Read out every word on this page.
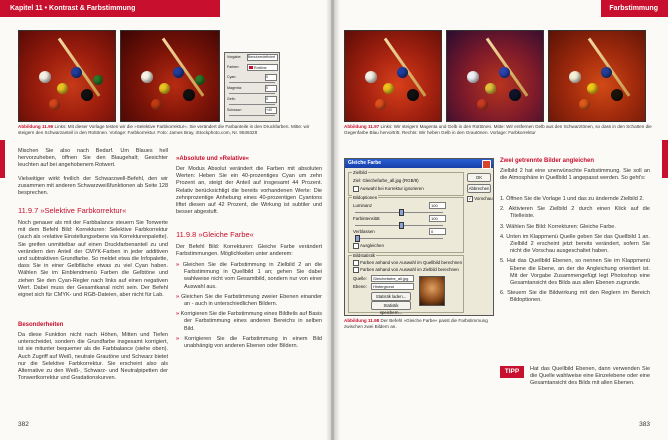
Kapitel 11 • Kontrast & Farbstimmung
Vorgabe: Benutzerdefiniert
Farben:	Rottöne
Cyan:	0
Magenta:	0
Gelb:	0
Schwarz:	+40
Abbildung 11.96 Links: Mit dieser Vorlage testen wir die »Selektive Farbkorrektur«. Sie verändert die Farbanteile in den Druckfarben. Mitte: wir steigern den Schwarzanteil in den Rottönen. Vorlage: Farbkorrektur. Foto: James Bray, iStockphoto.com, Nr. 9536328

Mischen Sie also nach Bedarf. Um Blaues hell hervorzuheben, öffnen Sie den Blaugehalt; Gesichter leuchten auf bei angehobenem Rotwert.

Vielseitiger wirkt freilich der Schwarzwell-Befehl, den wir zusammen mit anderen Schwarzweißfunktionen ab Seite 128 besprechen.

11.9.7 »Selektive Farbkorrektur«

Noch genauer als mit der Farbbalance steuern Sie Tonwerte mit dem Befehl Bild: Korrekturen: Selektive Farbkorrektur (auch als »relative Einstellungsebene via Korrekturenpalette). Sie greifen unmittelbar auf einen Druckfarbenanteil zu und verändern den Anteil der CMYK-Farben in jeder additiven und subtraktiven Grundfarbe. So meldet etwa die Infopalette, dass Sie in einer Gelbfläche etwas zu viel Cyan haben. Wählen Sie im Einblendmenü Farben die Gelbtöne und ziehen Sie den Cyan-Regler nach links auf einen negativen Wert. Dabei muss der Gesamtkanal nicht sein. Der Befehl eignet sich für CMYK- und RGB-Dateien, aber nicht für Lab.

Besonderheiten

Da diese Funktion nicht nach Höhen, Mitten und Tiefen unterscheidet, sondern die Grundfarbe insgesamt korrigiert, ist sie mitunter bequemer als die Farbbalance (siehe oben). Auch Zugriff auf Weiß, neutrale Grautöne und Schwarz bietet nur die Selektive Farbkorrektur. Sie erscheint also als Alternative zu den Weiß-, Schwarz- und Neutralpipetten der Tonwertkorrektur und Gradationskurven.

»Absolute und »Relative«

Der Modus Absolut verändert die Farben mit absoluten Werten: Heben Sie ein 40-prozentiges Cyan um zehn Prozent an, steigt der Anteil auf insgesamt 44 Prozent. Relativ berücksichtigt die bereits vorhandenen Werte: Die zehnprozentige Anhebung eines 40-prozentigen Cyantons liftet diesen auf 42 Prozent, die Wirkung ist subtiler und besser abgestuft.

11.9.8 »Gleiche Farbe«

Der Befehl Bild: Korrekturen: Gleiche Farbe verändert Farbstimmungen. Möglichkeiten unter anderem:

» Gleichen Sie die Farbstimmung in Zielbild 2 an die Farbstimmung in Quellbild 1 an; gehen Sie dabei wahlweise nicht vom Gesamtbild, sondern nur von einer Auswahl aus.

» Gleichen Sie die Farbstimmung zweier Ebenen einander an - auch in unterschiedlichen Bildern.

» Korrigieren Sie die Farbstimmung eines Bildteils auf Basis der Farbstimmung eines anderen Bereichs in selben Bild.

» Korrigieren Sie die Farbstimmung in einem Bild unabhängig von anderen Ebenen oder Bildern.

382
Farbstimmung
Abbildung 11.97 Links: Wir steigern Magenta und Gelb in den Rottönen. Mitte: Wir entfernen Gelb aus den Schwarztönen, so dass in den Schatten die Gegenfarbe Blau hervortritt. Rechts: Wir heben Gelb in den Grautönen. Vorlage: Farbkorrektur
Gleiche Farbe
Zielbild
Ziel: Gleichefarbe_all.jpg (RGB/8)
Auswahl bei Korrektur ignorieren
Bildoptionen
Luminanz	100
Farbintensität	100
Verblassen	0
Ausgleichen
Bildstatistik
Farben anhand von Auswahl im Quellbild berechnen
Farben anhand von Auswahl im Zielbild berechnen
Quelle:	Gleichefarbe_all.jpg
Ebene:	Hintergrund
Statistik laden...
Statistik speichern...
OK
Abbrechen
✓ Vorschau
Abbildung 11.98 Der Befehl »Gleiche Farbe« passt die Farbstimmung zwischen zwei Bildern an.
Zwei getrennte Bilder angleichen

Zielbild 2 hat eine unerwünschte Farbstimmung. Sie soll an die Atmosphäre in Quellbild 1 angepasst werden. So geht's:

1. Öffnen Sie die Vorlage 1 und das zu ändernde Zielbild 2.

2. Aktivieren Sie Zielbild 2 durch einen Klick auf die Titelleiste.

3. Wählen Sie Bild: Korrekturen: Gleiche Farbe.

4. Unten im Klappmenü Quelle geben Sie das Quellbild 1 an. Zielbild 2 erscheint jetzt bereits verändert, sofern Sie nicht die Vorschau ausgeschaltet haben.

5. Hat das Quellbild Ebenen, so nennen Sie im Klappmenü Ebene die Ebene, an der die Angleichung orientiert ist. Mit der Vorgabe Zusammengefügt legt Photoshop eine Gesamtansicht des Bilds aus allen Ebenen zugrunde.

6. Steuern Sie die Bildwirkung mit den Reglern im Bereich Bildoptionen.

TIPP	Hat das Quellbild Ebenen, dann verwenden Sie die Quelle wahlweise eine Einzelebene oder eine Gesamtansicht des Bilds mit allen Ebenen.

383
